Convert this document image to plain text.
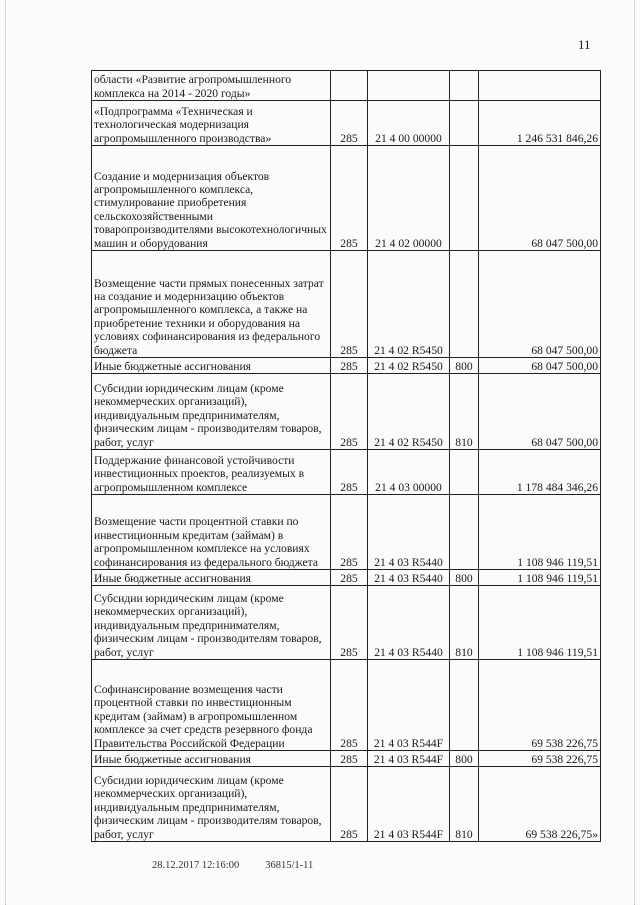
11
области «Развитие агропромышленного комплекса на 2014 - 2020 годы»				
«Подпрограмма «Техническая и технологическая модернизация агропромышленного производства»	285	21 4 00 00000		1 246 531 846,26
Создание и модернизация объектов агропромышленного комплекса, стимулирование приобретения сельскохозяйственными товаропроизводителями высокотехнологичных машин и оборудования	285	21 4 02 00000		68 047 500,00
Возмещение части прямых понесенных затрат на создание и модернизацию объектов агропромышленного комплекса, а также на приобретение техники и оборудования на условиях софинансирования из федерального бюджета	285	21 4 02 R5450		68 047 500,00
Иные бюджетные ассигнования	285	21 4 02 R5450	800	68 047 500,00
Субсидии юридическим лицам (кроме некоммерческих организаций), индивидуальным предпринимателям, физическим лицам - производителям товаров, работ, услуг	285	21 4 02 R5450	810	68 047 500,00
Поддержание финансовой устойчивости инвестиционных проектов, реализуемых в агропромышленном комплексе	285	21 4 03 00000		1 178 484 346,26
Возмещение части процентной ставки по инвестиционным кредитам (займам) в агропромышленном комплексе на условиях софинансирования из федерального бюджета	285	21 4 03 R5440		1 108 946 119,51
Иные бюджетные ассигнования	285	21 4 03 R5440	800	1 108 946 119,51
Субсидии юридическим лицам (кроме некоммерческих организаций), индивидуальным предпринимателям, физическим лицам - производителям товаров, работ, услуг	285	21 4 03 R5440	810	1 108 946 119,51
Софинансирование возмещения части процентной ставки по инвестиционным кредитам (займам) в агропромышленном комплексе за счет средств резервного фонда Правительства Российской Федерации	285	21 4 03 R544F		69 538 226,75
Иные бюджетные ассигнования	285	21 4 03 R544F	800	69 538 226,75
Субсидии юридическим лицам (кроме некоммерческих организаций), индивидуальным предпринимателям, физическим лицам - производителям товаров, работ, услуг	285	21 4 03 R544F	810	69 538 226,75»
28.12.2017 12:16:00 36815/1-11
